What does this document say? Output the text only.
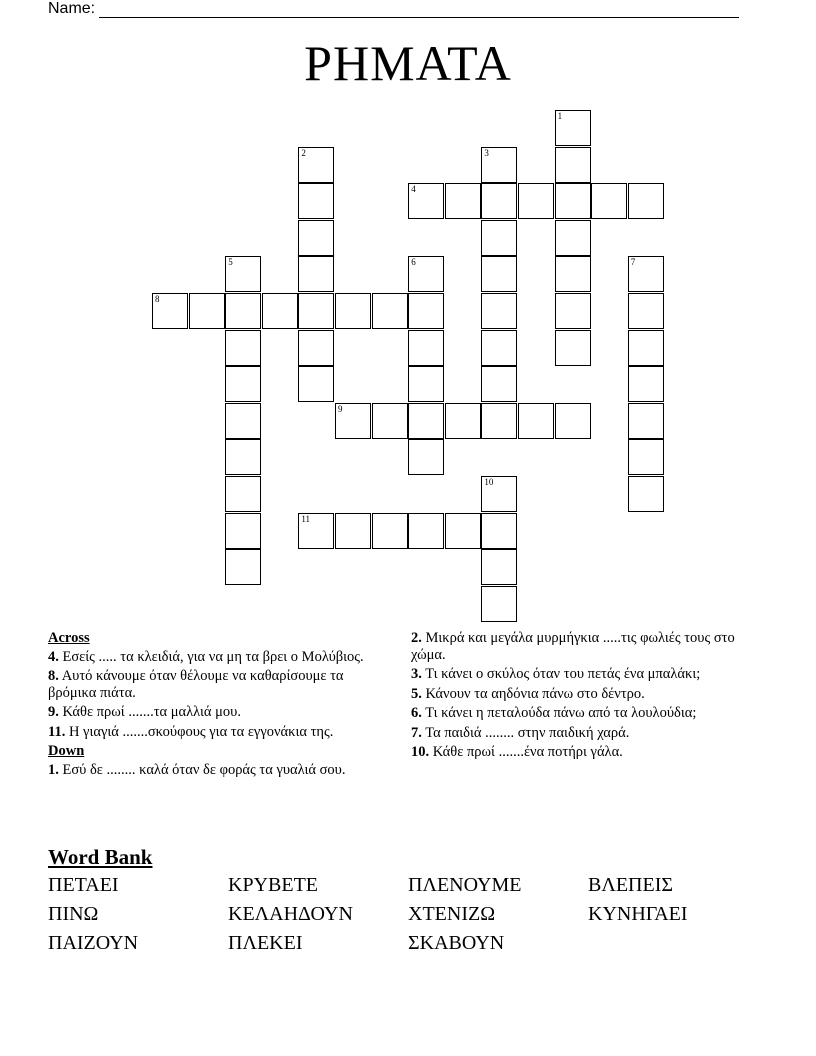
Name:
ΡΗΜΑΤΑ
1
2	3
4
5	6	7
8
9
10
11
Across
4. Εσείς ..... τα κλειδιά, για να μη τα βρει ο Μολύβιος.
8. Αυτό κάνουμε όταν θέλουμε να καθαρίσουμε τα βρόμικα πιάτα.
9. Κάθε πρωί .......τα μαλλιά μου.
11. Η γιαγιά .......σκούφους για τα εγγονάκια της.
Down
1. Εσύ δε ........ καλά όταν δε φοράς τα γυαλιά σου.
2. Μικρά και μεγάλα μυρμήγκια .....τις φωλιές τους στο χώμα.
3. Τι κάνει ο σκύλος όταν του πετάς ένα μπαλάκι;
5. Κάνουν τα αηδόνια πάνω στο δέντρο.
6. Τι κάνει η πεταλούδα πάνω από τα λουλούδια;
7. Τα παιδιά ........ στην παιδική χαρά.
10. Κάθε πρωί .......ένα ποτήρι γάλα.
Word Bank
ΠΕΤΑΕΙ	ΚΡΥΒΕΤΕ	ΠΛΕΝΟΥΜΕ	ΒΛΕΠΕΙΣ
ΠΙΝΩ	ΚΕΛΑΗΔΟΥΝ	ΧΤΕΝΙΖΩ	ΚΥΝΗΓΑΕΙ
ΠΑΙΖΟΥΝ	ΠΛΕΚΕΙ	ΣΚΑΒΟΥΝ
